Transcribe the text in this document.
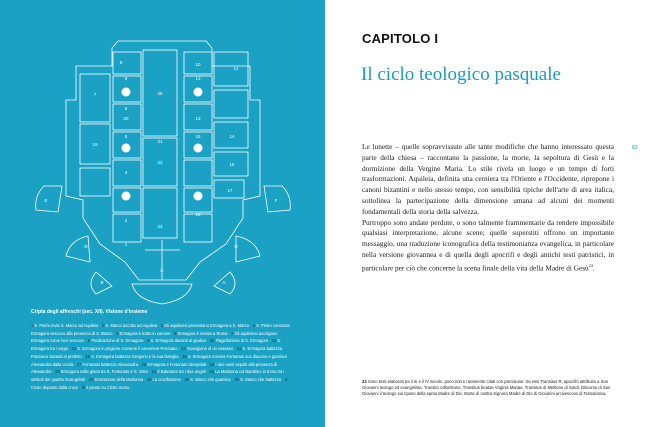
8
26
10
11
9	12
7
20	13
6
21
14
15
5
19
16
22
17
4
23
18
3
2
1
E
D
F
U
C
B	A
Cripta degli affreschi (sec. XII). Visione d'insieme
1 S. Pietro invia S. Marco ad Aquileia · 2 S. Marco accolto ad Aquileia · 3 Gli aquileiesi presentano Ermagora a S. Marco · 4 S. Pietro consacra Ermagora vescovo alla presenza di S. Marco · 5 Ermagora è tratto in carcere · 6 Ermagora è inviato a Roma · 7 Gli aquileiesi accolgono Ermagora come loro vescovo · 8 Predicazione di S. Ermagora · 9 S. Ermagora davanti al giudice · 10 Flagellazione di S. Ermagora · 11 S. Ermagora tra i ceppi · 12 S. Ermagora in prigione converte il carceriere Ponziano · 13 Guarigione di un ossesso · 14 S. Ermagora battezza Ponziano davanti al prefetto · 15 S. Ermagora battezza Gregorio e la sua famiglia · 16 S. Ermagora nomina Fortunato suo diacono e guarisce Alessandra dalla cecità · 17 Fortunato battezza Alessandra · 18 Ermagora e Fortunato decapitati · 19 I due santi sepolti alla presenza di Alessandra · 20 Ermagora nella gloria tra S. Fortunato e S. Sisto · 21 Il Salvatore tra i due angeli · 22 La Madonna col Bambino in trono tra i simboli dei quattro Evangelisti · 23 Dormizione della Madonna · 24 La crocifissione · 25 S. Marco che guarisce · 26 S. Marco che battezza · A Cristo deposto dalla croce · B Il pianto su Cristo morto
CAPITOLO I
Il ciclo teologico pasquale
83

Le lunette – quelle sopravvissute alle tante modifiche che hanno interessato questa parte della chiesa – raccontano la passione, la morte, la sepoltura di Gesù e la dormizione della Vergine Maria. Lo stile rivela un luogo e un tempo di forti trasformazioni. Aquileia, definita una cerniera tra l'Oriente e l'Occidente, ripropone i canoni bizantini e nello stesso tempo, con sensibilità tipiche dell'arte di area italica, sottolinea la partecipazione della dimensione umana ad alcuni dei momenti fondamentali della storia della salvezza.

Purtroppo sono andate perdute, o sono talmente frammentarie da rendere impossibile qualsiasi interpretazione, alcune scene; quelle superstiti offrono un importante messaggio, una traduzione iconografica della testimonianza evangelica, in particolare nella versione giovannea e di quella degli apocrifi e degli antichi testi patristici, in particolare per ciò che concerne la scena finale della vita della Madre di Gesù$^{24}$.

24 Sono testi elaborati tra il III e il IV secolo, poco noti e raramente citati con precisione: tra essi Transitus R, apocrifo attribuito a San Giovanni teologo ed evangelista, Transito colbertiano, Transitus beatae Virginis Mariae, Transitus di Melitone di Sardi, Discorso di San Giovanni il teologo sul riposo della santa Madre di Dio, Morte di nostra Signora Madre di Dio di Giovanni arcivescovo di Tessalonica.
